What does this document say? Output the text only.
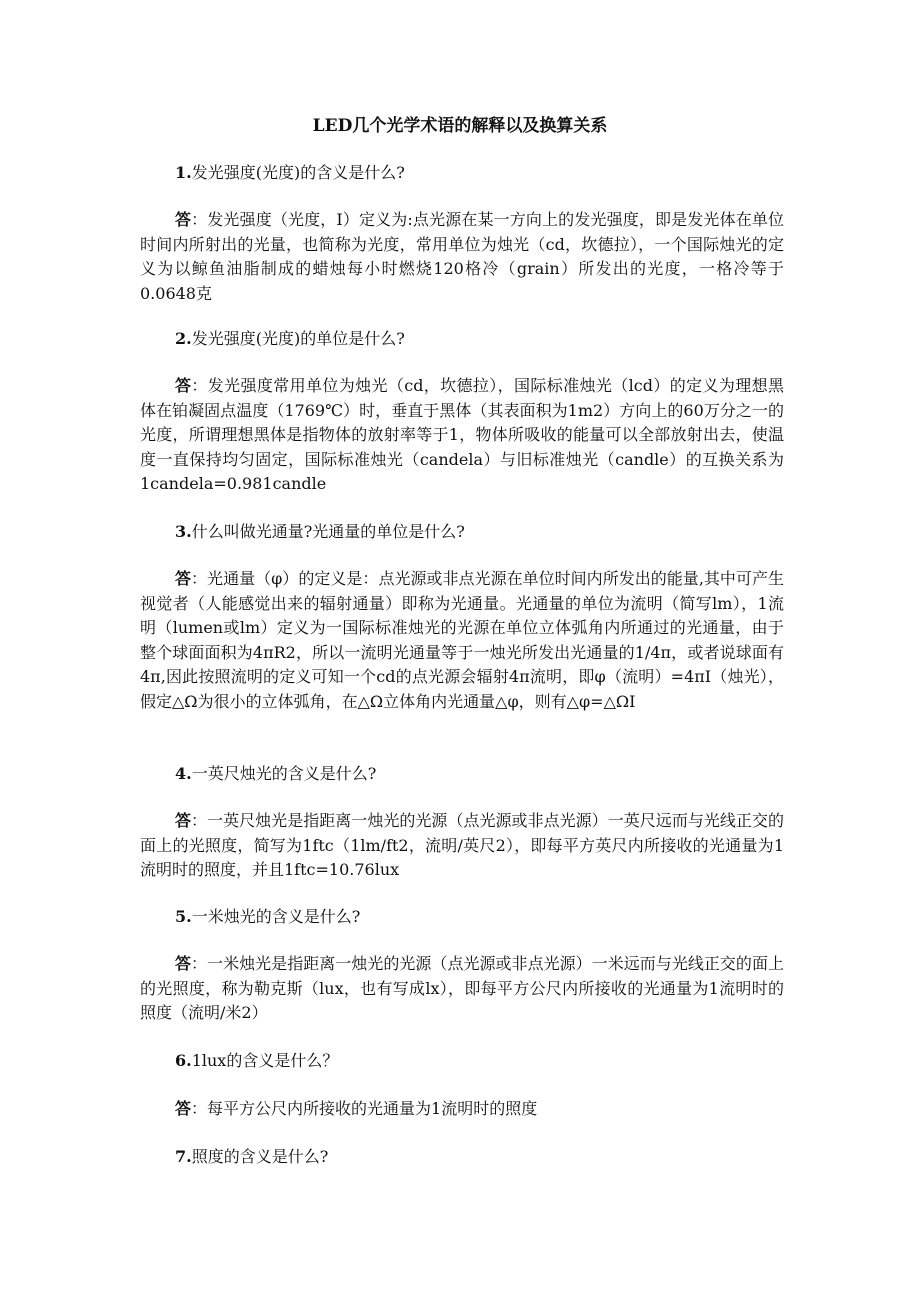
LED几个光学术语的解释以及换算关系
1.发光强度(光度)的含义是什么?
答：发光强度（光度，I）定义为:点光源在某一方向上的发光强度，即是发光体在单位时间内所射出的光量，也简称为光度，常用单位为烛光（cd，坎德拉），一个国际烛光的定义为以鲸鱼油脂制成的蜡烛每小时燃烧120格冷（grain）所发出的光度，一格冷等于0.0648克
2.发光强度(光度)的单位是什么?
答：发光强度常用单位为烛光（cd，坎德拉），国际标准烛光（lcd）的定义为理想黑体在铂凝固点温度（1769℃）时，垂直于黑体（其表面积为1m2）方向上的60万分之一的光度，所谓理想黑体是指物体的放射率等于1，物体所吸收的能量可以全部放射出去，使温度一直保持均匀固定，国际标准烛光（candela）与旧标准烛光（candle）的互换关系为1candela=0.981candle
3.什么叫做光通量?光通量的单位是什么?
答：光通量（φ）的定义是：点光源或非点光源在单位时间内所发出的能量,其中可产生视觉者（人能感觉出来的辐射通量）即称为光通量。光通量的单位为流明（简写lm），1流明（lumen或lm）定义为一国际标准烛光的光源在单位立体弧角内所通过的光通量，由于整个球面面积为4πR2，所以一流明光通量等于一烛光所发出光通量的1/4π，或者说球面有4π,因此按照流明的定义可知一个cd的点光源会辐射4π流明，即φ（流明）=4πI（烛光），假定△Ω为很小的立体弧角，在△Ω立体角内光通量△φ，则有△φ=△ΩI
4.一英尺烛光的含义是什么?
答：一英尺烛光是指距离一烛光的光源（点光源或非点光源）一英尺远而与光线正交的面上的光照度，简写为1ftc（1lm/ft2，流明/英尺2），即每平方英尺内所接收的光通量为1流明时的照度，并且1ftc=10.76lux
5.一米烛光的含义是什么?
答：一米烛光是指距离一烛光的光源（点光源或非点光源）一米远而与光线正交的面上的光照度，称为勒克斯（lux，也有写成lx），即每平方公尺内所接收的光通量为1流明时的照度（流明/米2）
6.1lux的含义是什么？
答：每平方公尺内所接收的光通量为1流明时的照度
7.照度的含义是什么?
